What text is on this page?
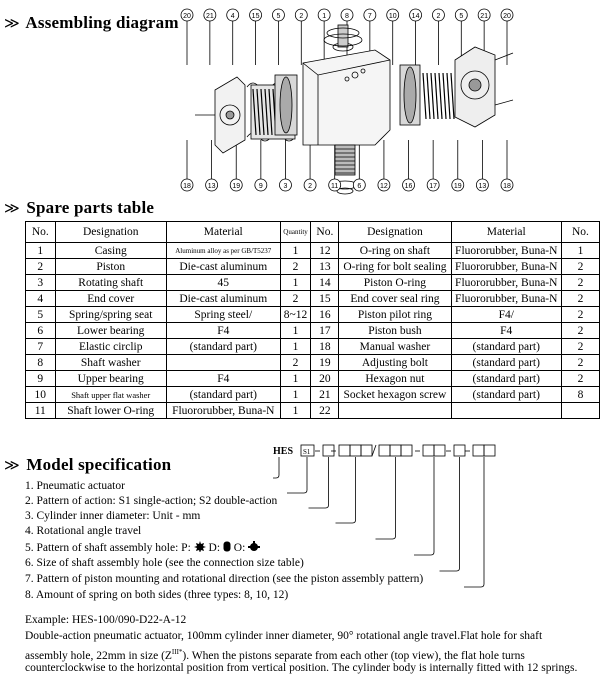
≫ Assembling diagram
≫ Spare parts table
≫ Model specification
20 21 4 15 5	2	1	8	7 10 14 2	5 21 20
18 13 19	9	3	2	11	6	12 16 17 19 13 18
No.	Designation	Material	Quantity	No.	Designation	Material	No.
1	Casing	Aluminum alloy as per GB/T5237	1	12	O-ring on shaft	Fluororubber, Buna-N	1
2	Piston	Die-cast aluminum	2	13	O-ring for bolt sealing	Fluororubber, Buna-N	2
3	Rotating shaft	45	1	14	Piston O-ring	Fluororubber, Buna-N	2
4	End cover	Die-cast aluminum	2	15	End cover seal ring	Fluororubber, Buna-N	2
5	Spring/spring seat	Spring steel/	8~12	16	Piston pilot ring	F4/	2
6	Lower bearing	F4	1	17	Piston bush	F4	2
7	Elastic circlip	(standard part)	1	18	Manual washer	(standard part)	2
8	Shaft washer		2	19	Adjusting bolt	(standard part)	2
9	Upper bearing	F4	1	20	Hexagon nut	(standard part)	2
10	Shaft upper flat washer	(standard part)	1	21	Socket hexagon screw	(standard part)	8
11	Shaft lower O-ring	Fluororubber, Buna-N	1	22			
HES S1
1. Pneumatic actuator
2. Pattern of action: S1 single-action; S2 double-action
3. Cylinder inner diameter: Unit - mm
4. Rotational angle travel
5. Pattern of shaft assembly hole: P: D: O:
6. Size of shaft assembly hole (see the connection size table)
7. Pattern of piston mounting and rotational direction (see the piston assembly pattern)
8. Amount of spring on both sides (three types: 8, 10, 12)
Example: HES-100/090-D22-A-12
Double-action pneumatic actuator, 100mm cylinder inner diameter, 90° rotational angle travel.Flat hole for shaft
assembly hole, 22mm in size $(Z^{III*})$. When the pistons separate from each other (top view), the flat hole turns
counterclockwise to the horizontal position from vertical position. The cylinder body is internally fitted with 12 springs.
